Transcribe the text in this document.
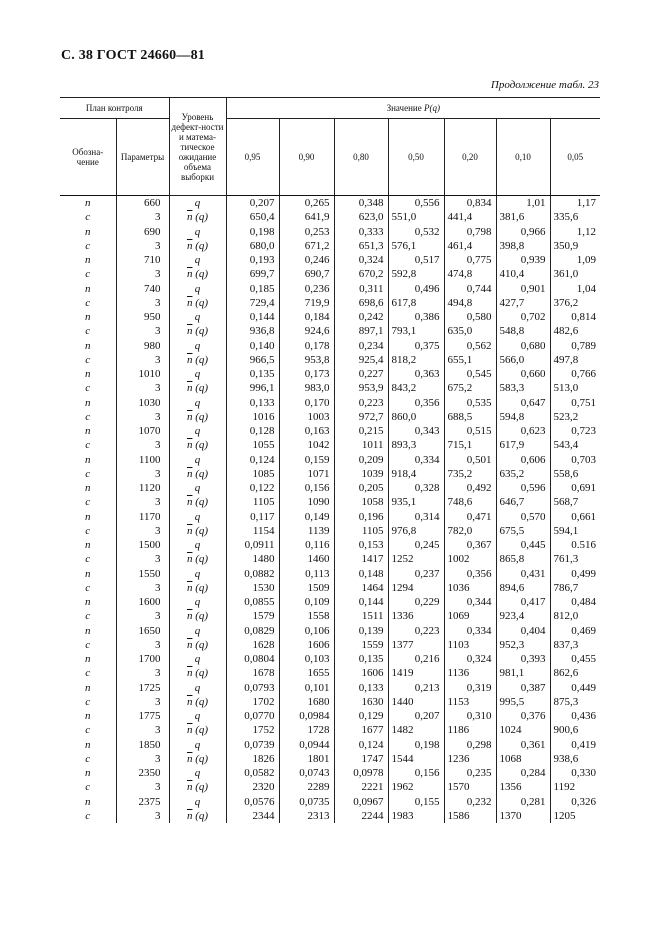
С. 38 ГОСТ 24660—81
Продолжение табл. 23
План контроля		Уровень дефект-ности и матема-тическое ожидание объема выборки	Значение P(q)						
Обозна-чение	Параметры		0,95	0,90	0,80	0,50	0,20	0,10	0,05
n	660	q	0,207	0,265	0,348	0,556	0,834	1,01	1,17
c	3	$\overline{n}$ (q)	650,4	641,9	623,0	551,0	441,4	381,6	335,6
n	690	q	0,198	0,253	0,333	0,532	0,798	0,966	1,12
c	3	$\overline{n}$ (q)	680,0	671,2	651,3	576,1	461,4	398,8	350,9
n	710	q	0,193	0,246	0,324	0,517	0,775	0,939	1,09
c	3	$\overline{n}$ (q)	699,7	690,7	670,2	592,8	474,8	410,4	361,0
n	740	q	0,185	0,236	0,311	0,496	0,744	0,901	1,04
c	3	$\overline{n}$ (q)	729,4	719,9	698,6	617,8	494,8	427,7	376,2
n	950	q	0,144	0,184	0,242	0,386	0,580	0,702	0,814
c	3	$\overline{n}$ (q)	936,8	924,6	897,1	793,1	635,0	548,8	482,6
n	980	q	0,140	0,178	0,234	0,375	0,562	0,680	0,789
c	3	$\overline{n}$ (q)	966,5	953,8	925,4	818,2	655,1	566,0	497,8
n	1010	q	0,135	0,173	0,227	0,363	0,545	0,660	0,766
c	3	$\overline{n}$ (q)	996,1	983,0	953,9	843,2	675,2	583,3	513,0
n	1030	q	0,133	0,170	0,223	0,356	0,535	0,647	0,751
c	3	$\overline{n}$ (q)	1016	1003	972,7	860,0	688,5	594,8	523,2
n	1070	q	0,128	0,163	0,215	0,343	0,515	0,623	0,723
c	3	$\overline{n}$ (q)	1055	1042	1011	893,3	715,1	617,9	543,4
n	1100	q	0,124	0,159	0,209	0,334	0,501	0,606	0,703
c	3	$\overline{n}$ (q)	1085	1071	1039	918,4	735,2	635,2	558,6
n	1120	q	0,122	0,156	0,205	0,328	0,492	0,596	0,691
c	3	$\overline{n}$ (q)	1105	1090	1058	935,1	748,6	646,7	568,7
n	1170	q	0,117	0,149	0,196	0,314	0,471	0,570	0,661
c	3	$\overline{n}$ (q)	1154	1139	1105	976,8	782,0	675,5	594,1
n	1500	q	0,0911	0,116	0,153	0,245	0,367	0,445	0.516
c	3	$\overline{n}$ (q)	1480	1460	1417	1252	1002	865,8	761,3
n	1550	q	0,0882	0,113	0,148	0,237	0,356	0,431	0,499
c	3	$\overline{n}$ (q)	1530	1509	1464	1294	1036	894,6	786,7
n	1600	q	0,0855	0,109	0,144	0,229	0,344	0,417	0,484
c	3	$\overline{n}$ (q)	1579	1558	1511	1336	1069	923,4	812,0
n	1650	q	0,0829	0,106	0,139	0,223	0,334	0,404	0,469
c	3	$\overline{n}$ (q)	1628	1606	1559	1377	1103	952,3	837,3
n	1700	q	0,0804	0,103	0,135	0,216	0,324	0,393	0,455
c	3	$\overline{n}$ (q)	1678	1655	1606	1419	1136	981,1	862,6
n	1725	q	0,0793	0,101	0,133	0,213	0,319	0,387	0,449
c	3	$\overline{n}$ (q)	1702	1680	1630	1440	1153	995,5	875,3
n	1775	q	0,0770	0,0984	0,129	0,207	0,310	0,376	0,436
c	3	$\overline{n}$ (q)	1752	1728	1677	1482	1186	1024	900,6
n	1850	q	0,0739	0,0944	0,124	0,198	0,298	0,361	0,419
c	3	$\overline{n}$ (q)	1826	1801	1747	1544	1236	1068	938,6
n	2350	q	0,0582	0,0743	0,0978	0,156	0,235	0,284	0,330
c	3	$\overline{n}$ (q)	2320	2289	2221	1962	1570	1356	1192
n	2375	q	0,0576	0,0735	0,0967	0,155	0,232	0,281	0,326
c	3	$\overline{n}$ (q)	2344	2313	2244	1983	1586	1370	1205
